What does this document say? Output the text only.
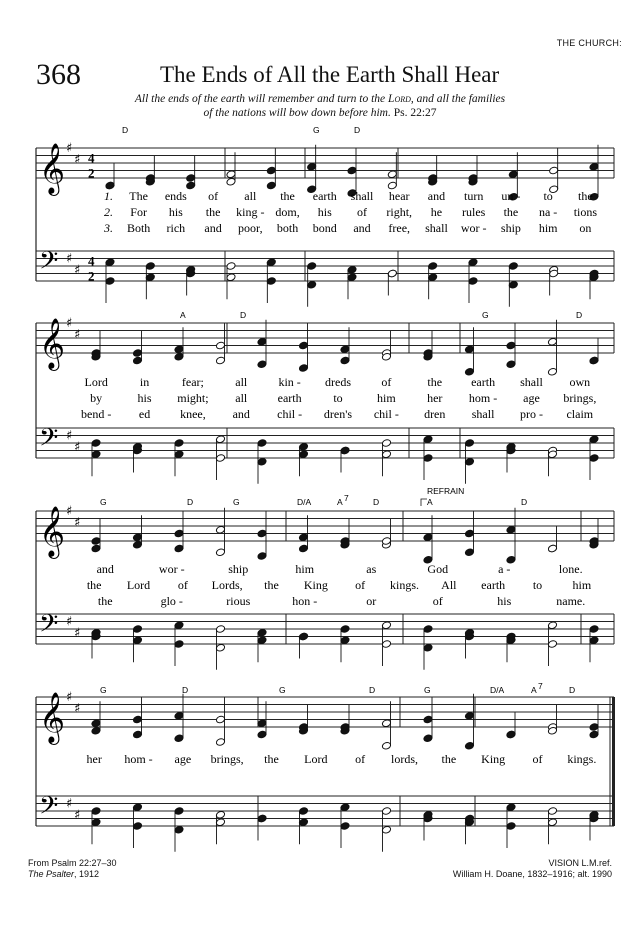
THE CHURCH:
368	The Ends of All the Earth Shall Hear
All the ends of the earth will remember and turn to the Lord, and all the families
of the nations will bow down before him. Ps. 22:27
𝄞
𝄢
♯
♯
♯
♯
4
2
4
2
D	G	D
1. The ends of all the earth shall hear and turn un - to the
2. For his the king - dom, his of right, he rules the na - tions
3. Both rich and poor, both bond and free, shall wor - ship him on
𝄞
𝄢
♯
♯
♯
♯
A	D	G	D
Lord	in	fear;	all	kin - dreds	of	the earth shall own
by	his might; all	earth	to	him	her hom - age brings,
bend - ed knee, and chil - dren's chil - dren shall pro - claim
𝄞
𝄢
♯
♯
♯
♯
G	D	G	D/A	A 7	D	A	D
REFRAIN
and	wor -	ship	him	as	God	a -	lone.
the Lord of Lords, the King of kings. All earth to	him
the	glo -	rious	hon -	or	of	his	name.
𝄞
𝄢
♯
♯
♯
♯
G	D	G	D	G	D/A	A 7	D
her hom - age brings, the Lord of lords, the King of kings.
From Psalm 22:27–30
The Psalter, 1912
VISION L.M.ref.
William H. Doane, 1832–1916; alt. 1990
